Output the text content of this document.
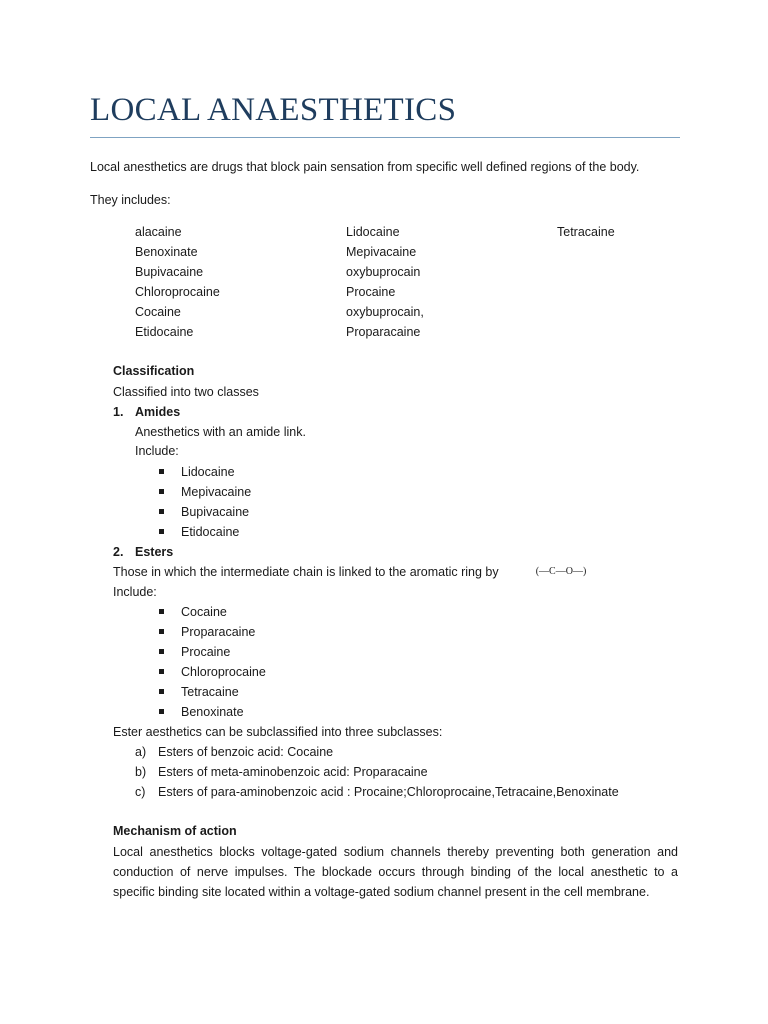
LOCAL ANAESTHETICS
Local anesthetics are drugs that block pain sensation from specific well defined regions of the body.
They includes:
alacaine
Benoxinate
Bupivacaine
Chloroprocaine
Cocaine
Etidocaine
Lidocaine
Mepivacaine
oxybuprocain
Procaine
oxybuprocain,
Proparacaine
Tetracaine
Classification
Classified into two classes
1. Amides
Anesthetics with an amide link.
Include:
Lidocaine
Mepivacaine
Bupivacaine
Etidocaine
2. Esters
Those in which the intermediate chain is linked to the aromatic ring by	(—C—O—)
Include:
Cocaine
Proparacaine
Procaine
Chloroprocaine
Tetracaine
Benoxinate
Ester aesthetics can be subclassified into three subclasses:
a) Esters of benzoic acid: Cocaine
b) Esters of meta-aminobenzoic acid: Proparacaine
c) Esters of para-aminobenzoic acid : Procaine;Chloroprocaine,Tetracaine,Benoxinate
Mechanism of action
Local anesthetics blocks voltage-gated sodium channels thereby preventing both generation and conduction of nerve impulses. The blockade occurs through binding of the local anesthetic to a specific binding site located within a voltage-gated sodium channel present in the cell membrane.
